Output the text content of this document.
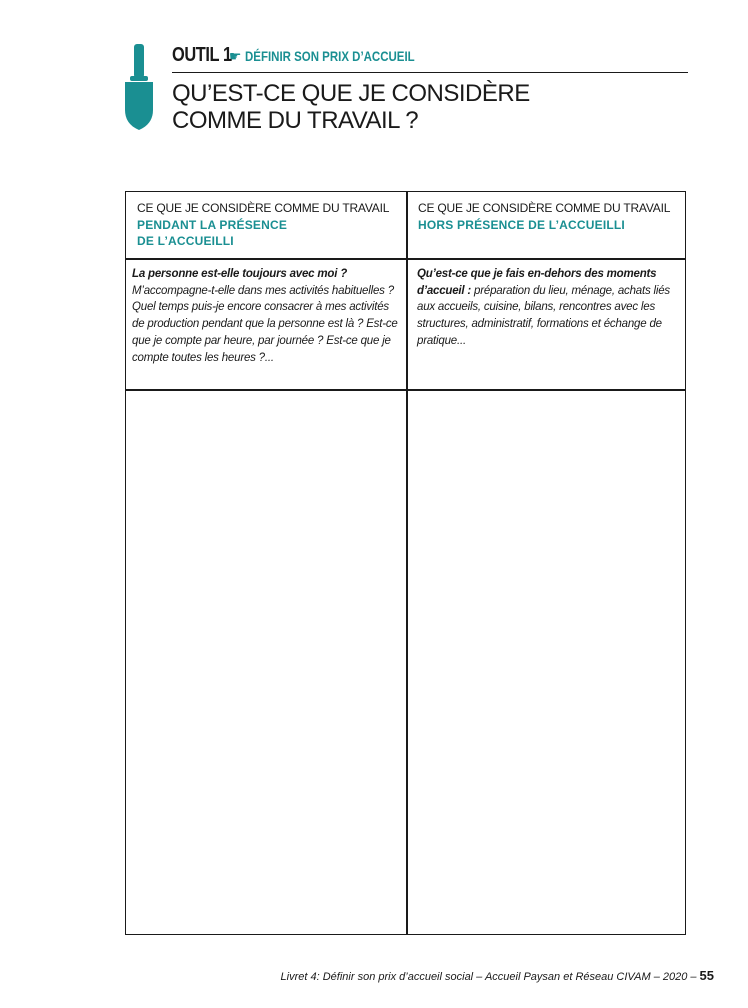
OUTIL 1
☛ DÉFINIR SON PRIX D’ACCUEIL
QU’EST-CE QUE JE CONSIDÈRE
COMME DU TRAVAIL ?
CE QUE JE CONSIDÈRE COMME DU TRAVAIL
PENDANT LA PRÉSENCE
DE L’ACCUEILLI
CE QUE JE CONSIDÈRE COMME DU TRAVAIL
HORS PRÉSENCE DE L’ACCUEILLI
La personne est-elle toujours avec moi ?
M’accompagne-t-elle dans mes activités habituelles ? Quel temps puis-je encore consacrer à mes activités de production pendant que la personne est là ? Est-ce que je compte par heure, par journée ? Est-ce que je compte toutes les heures ?...
Qu’est-ce que je fais en-dehors des moments d’accueil : préparation du lieu, ménage, achats liés aux accueils, cuisine, bilans, rencontres avec les structures, administratif, formations et échange de pratique...
Livret 4: Définir son prix d’accueil social – Accueil Paysan et Réseau CIVAM – 2020 – 55
